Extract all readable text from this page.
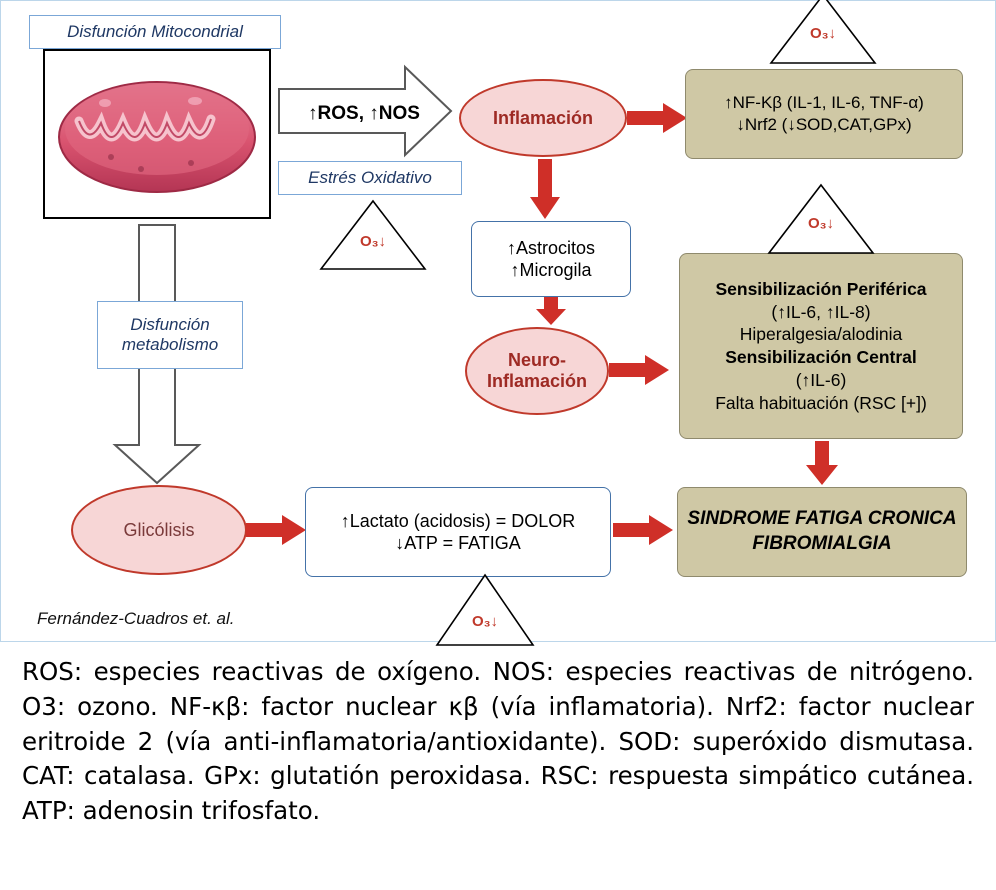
Disfunción Mitocondrial
↑ROS, ↑NOS
Estrés Oxidativo
O₃↓
Disfunción
metabolismo
Inflamación
↑NF-Kβ (IL-1, IL-6, TNF-α)
↓Nrf2 (↓SOD,CAT,GPx)
O₃↓
↑Astrocitos
↑Microgila
Neuro-
Inflamación
Sensibilización Periférica
(↑IL-6, ↑IL-8)
Hiperalgesia/alodinia
Sensibilización Central
(↑IL-6)
Falta habituación (RSC [+])
O₃↓
Glicólisis	↑Lactato (acidosis) = DOLOR
↓ATP = FATIGA
O₃↓
SINDROME FATIGA CRONICA
FIBROMIALGIA
Fernández-Cuadros et. al.

ROS: especies reactivas de oxígeno. NOS: especies reactivas de nitrógeno. O3: ozono. NF-κβ: factor nuclear κβ (vía inflamatoria). Nrf2: factor nuclear eritroide 2 (vía anti-inflamatoria/antioxidante). SOD: superóxido dismutasa. CAT: catalasa. GPx: glutatión peroxidasa. RSC: respuesta simpático cutánea. ATP: adenosin trifosfato.
